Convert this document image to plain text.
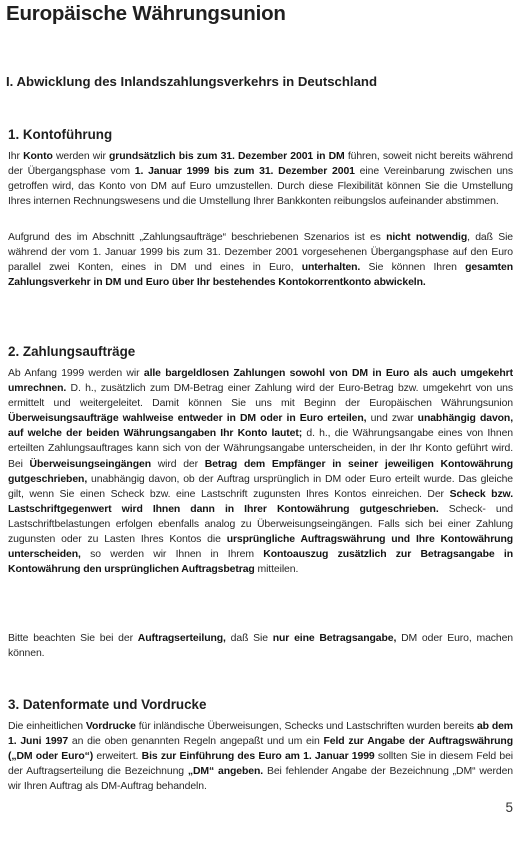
Europäische Währungsunion
I. Abwicklung des Inlandszahlungsverkehrs in Deutschland
1. Kontoführung
Ihr Konto werden wir grundsätzlich bis zum 31. Dezember 2001 in DM führen, soweit nicht bereits während der Übergangsphase vom 1. Januar 1999 bis zum 31. Dezember 2001 eine Vereinbarung zwischen uns getroffen wird, das Konto von DM auf Euro umzustellen. Durch diese Flexibilität können Sie die Umstellung Ihres internen Rechnungswesens und die Umstellung Ihrer Bankkonten reibungslos aufeinander abstimmen.
Aufgrund des im Abschnitt „Zahlungsaufträge“ beschriebenen Szenarios ist es nicht notwendig, daß Sie während der vom 1. Januar 1999 bis zum 31. Dezember 2001 vorgesehenen Übergangsphase auf den Euro parallel zwei Konten, eines in DM und eines in Euro, unterhalten. Sie können Ihren gesamten Zahlungsverkehr in DM und Euro über Ihr bestehendes Kontokorrentkonto abwickeln.
2. Zahlungsaufträge
Ab Anfang 1999 werden wir alle bargeldlosen Zahlungen sowohl von DM in Euro als auch umgekehrt umrechnen. D. h., zusätzlich zum DM-Betrag einer Zahlung wird der Euro-Betrag bzw. umgekehrt von uns ermittelt und weitergeleitet. Damit können Sie uns mit Beginn der Europäischen Währungsunion Überweisungsaufträge wahlweise entweder in DM oder in Euro erteilen, und zwar unabhängig davon, auf welche der beiden Währungsangaben Ihr Konto lautet; d. h., die Währungsangabe eines von Ihnen erteilten Zahlungsauftrages kann sich von der Währungsangabe unterscheiden, in der Ihr Konto geführt wird. Bei Überweisungseingängen wird der Betrag dem Empfänger in seiner jeweiligen Kontowährung gutgeschrieben, unabhängig davon, ob der Auftrag ursprünglich in DM oder Euro erteilt wurde. Das gleiche gilt, wenn Sie einen Scheck bzw. eine Lastschrift zugunsten Ihres Kontos einreichen. Der Scheck bzw. Lastschriftgegenwert wird Ihnen dann in Ihrer Kontowährung gutgeschrieben. Scheck- und Lastschriftbelastungen erfolgen ebenfalls analog zu Überweisungseingängen. Falls sich bei einer Zahlung zugunsten oder zu Lasten Ihres Kontos die ursprüngliche Auftragswährung und Ihre Kontowährung unterscheiden, so werden wir Ihnen in Ihrem Kontoauszug zusätzlich zur Betragsangabe in Kontowährung den ursprünglichen Auftragsbetrag mitteilen.
Bitte beachten Sie bei der Auftragserteilung, daß Sie nur eine Betragsangabe, DM oder Euro, machen können.
3. Datenformate und Vordrucke
Die einheitlichen Vordrucke für inländische Überweisungen, Schecks und Lastschriften wurden bereits ab dem 1. Juni 1997 an die oben genannten Regeln angepaßt und um ein Feld zur Angabe der Auftragswährung („DM oder Euro“) erweitert. Bis zur Einführung des Euro am 1. Januar 1999 sollten Sie in diesem Feld bei der Auftragserteilung die Bezeichnung „DM“ angeben. Bei fehlender Angabe der Bezeichnung „DM“ werden wir Ihren Auftrag als DM-Auftrag behandeln.
5
